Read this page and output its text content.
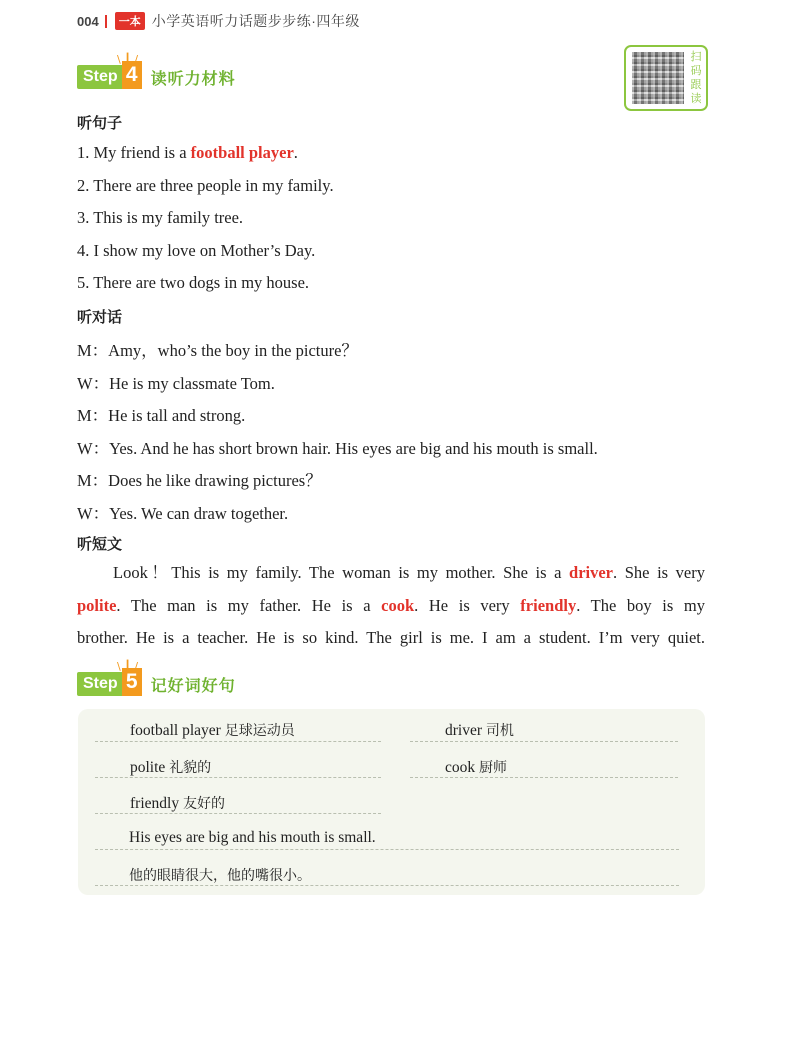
004	一本 小学英语听力话题步步练·四年级
扫码跟读
Step 4
\ ┃ /
读听力材料
听句子
1. My friend is a football player.
2. There are three people in my family.
3. This is my family tree.
4. I show my love on Mother’s Day.
5. There are two dogs in my house.
听对话
M：Amy，who’s the boy in the picture？
W：He is my classmate Tom.
M：He is tall and strong.
W：Yes. And he has short brown hair. His eyes are big and his mouth is small.
M：Does he like drawing pictures？
W：Yes. We can draw together.
听短文
Look！This is my family. The woman is my mother. She is a driver. She is very
polite. The man is my father. He is a cook. He is very friendly. The boy is my
brother. He is a teacher. He is so kind. The girl is me. I am a student. I’m very quiet.
Step 5
\ ┃ /
记好词好句
football player 足球运动员	driver 司机
polite 礼貌的	cook 厨师
friendly 友好的
His eyes are big and his mouth is small.
他的眼睛很大，他的嘴很小。
